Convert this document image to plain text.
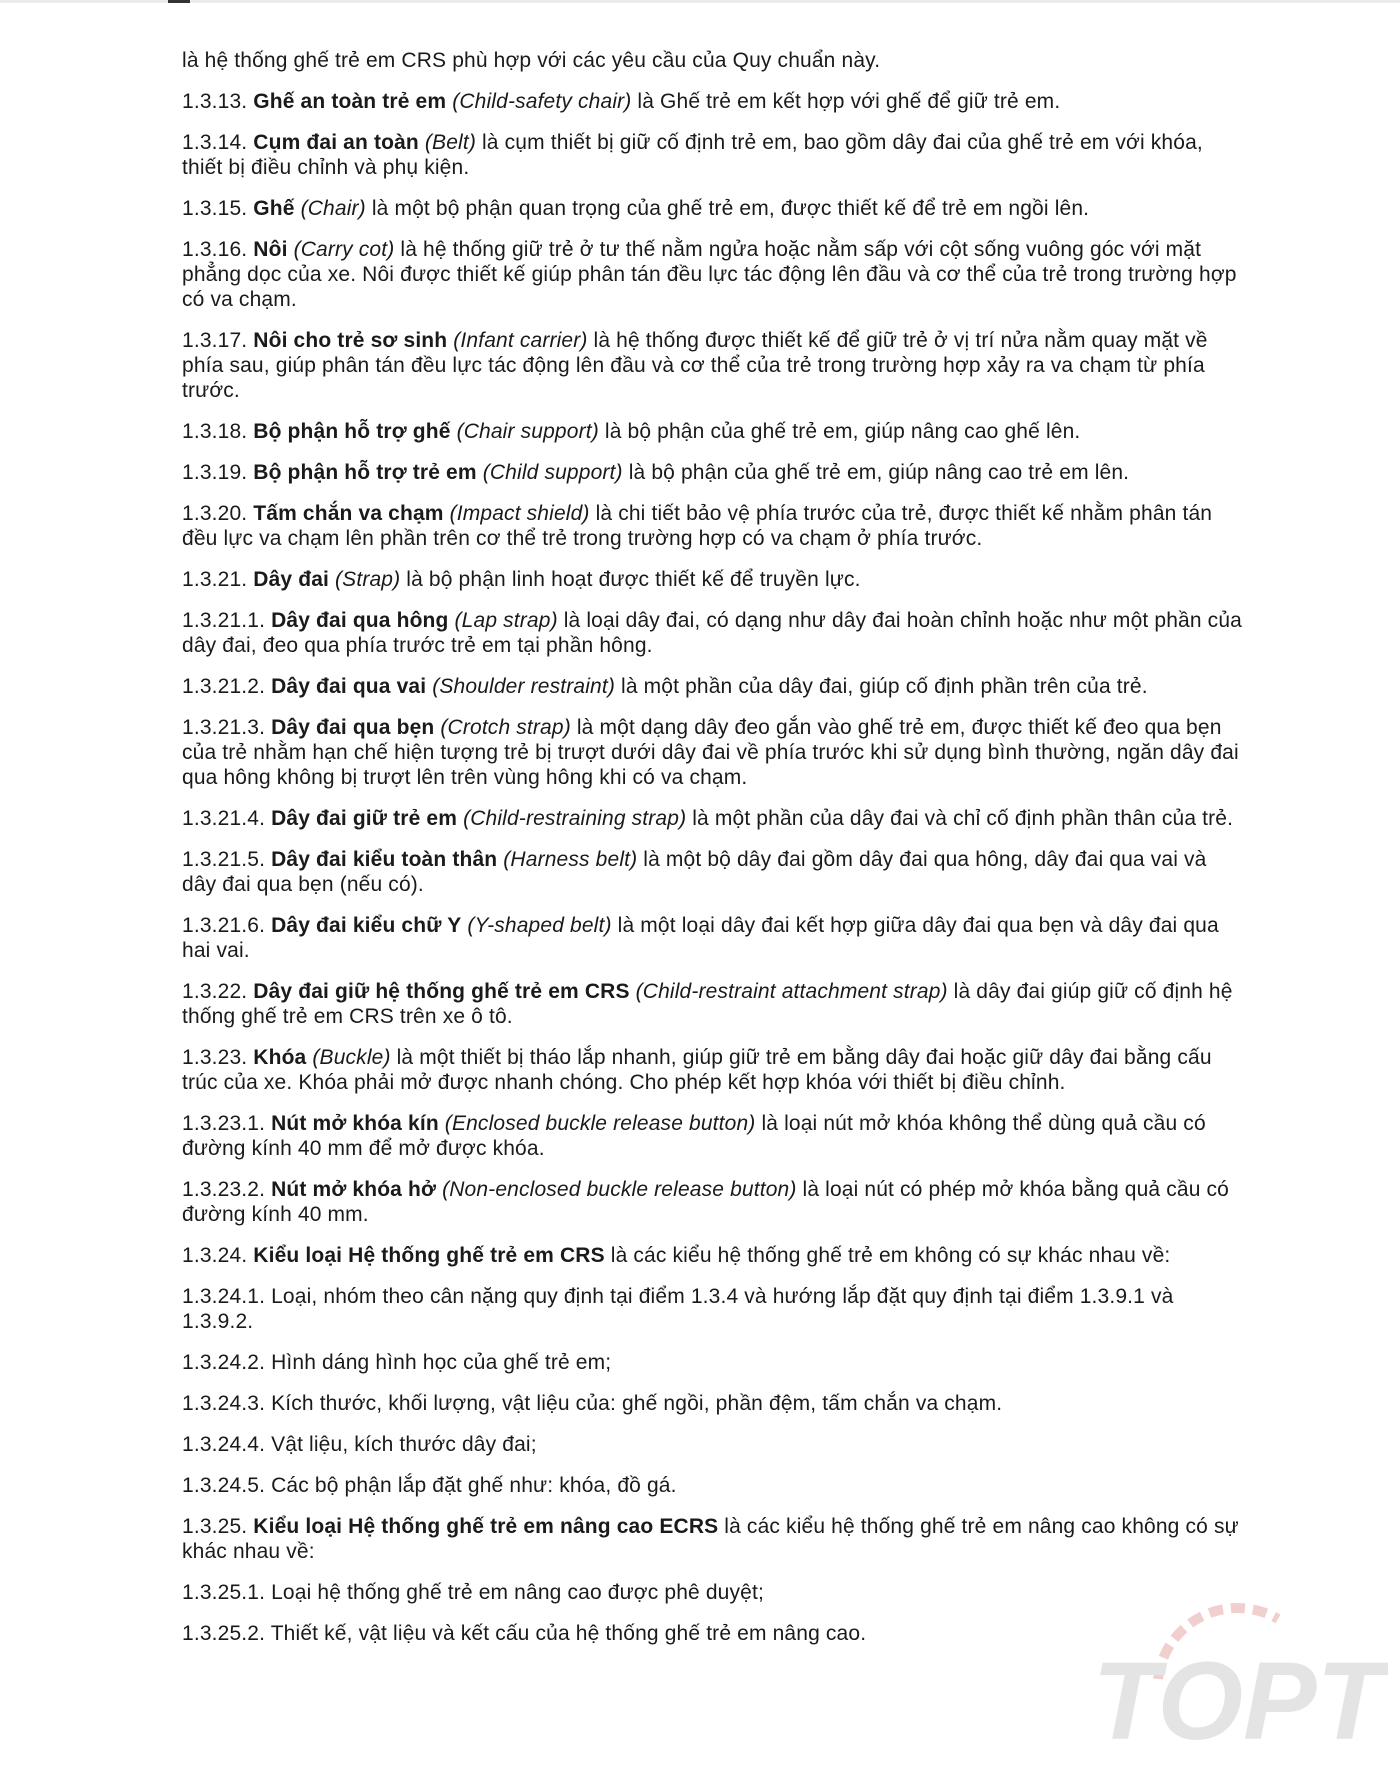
là hệ thống ghế trẻ em CRS phù hợp với các yêu cầu của Quy chuẩn này.

1.3.13. Ghế an toàn trẻ em (Child-safety chair) là Ghế trẻ em kết hợp với ghế để giữ trẻ em.

1.3.14. Cụm đai an toàn (Belt) là cụm thiết bị giữ cố định trẻ em, bao gồm dây đai của ghế trẻ em với khóa, thiết bị điều chỉnh và phụ kiện.

1.3.15. Ghế (Chair) là một bộ phận quan trọng của ghế trẻ em, được thiết kế để trẻ em ngồi lên.

1.3.16. Nôi (Carry cot) là hệ thống giữ trẻ ở tư thế nằm ngửa hoặc nằm sấp với cột sống vuông góc với mặt phẳng dọc của xe. Nôi được thiết kế giúp phân tán đều lực tác động lên đầu và cơ thể của trẻ trong trường hợp có va chạm.

1.3.17. Nôi cho trẻ sơ sinh (Infant carrier) là hệ thống được thiết kế để giữ trẻ ở vị trí nửa nằm quay mặt về phía sau, giúp phân tán đều lực tác động lên đầu và cơ thể của trẻ trong trường hợp xảy ra va chạm từ phía trước.

1.3.18. Bộ phận hỗ trợ ghế (Chair support) là bộ phận của ghế trẻ em, giúp nâng cao ghế lên.

1.3.19. Bộ phận hỗ trợ trẻ em (Child support) là bộ phận của ghế trẻ em, giúp nâng cao trẻ em lên.

1.3.20. Tấm chắn va chạm (Impact shield) là chi tiết bảo vệ phía trước của trẻ, được thiết kế nhằm phân tán đều lực va chạm lên phần trên cơ thể trẻ trong trường hợp có va chạm ở phía trước.

1.3.21. Dây đai (Strap) là bộ phận linh hoạt được thiết kế để truyền lực.

1.3.21.1. Dây đai qua hông (Lap strap) là loại dây đai, có dạng như dây đai hoàn chỉnh hoặc như một phần của dây đai, đeo qua phía trước trẻ em tại phần hông.

1.3.21.2. Dây đai qua vai (Shoulder restraint) là một phần của dây đai, giúp cố định phần trên của trẻ.

1.3.21.3. Dây đai qua bẹn (Crotch strap) là một dạng dây đeo gắn vào ghế trẻ em, được thiết kế đeo qua bẹn của trẻ nhằm hạn chế hiện tượng trẻ bị trượt dưới dây đai về phía trước khi sử dụng bình thường, ngăn dây đai qua hông không bị trượt lên trên vùng hông khi có va chạm.

1.3.21.4. Dây đai giữ trẻ em (Child-restraining strap) là một phần của dây đai và chỉ cố định phần thân của trẻ.

1.3.21.5. Dây đai kiểu toàn thân (Harness belt) là một bộ dây đai gồm dây đai qua hông, dây đai qua vai và dây đai qua bẹn (nếu có).

1.3.21.6. Dây đai kiểu chữ Y (Y-shaped belt) là một loại dây đai kết hợp giữa dây đai qua bẹn và dây đai qua hai vai.

1.3.22. Dây đai giữ hệ thống ghế trẻ em CRS (Child-restraint attachment strap) là dây đai giúp giữ cố định hệ thống ghế trẻ em CRS trên xe ô tô.

1.3.23. Khóa (Buckle) là một thiết bị tháo lắp nhanh, giúp giữ trẻ em bằng dây đai hoặc giữ dây đai bằng cấu trúc của xe. Khóa phải mở được nhanh chóng. Cho phép kết hợp khóa với thiết bị điều chỉnh.

1.3.23.1. Nút mở khóa kín (Enclosed buckle release button) là loại nút mở khóa không thể dùng quả cầu có đường kính 40 mm để mở được khóa.

1.3.23.2. Nút mở khóa hở (Non-enclosed buckle release button) là loại nút có phép mở khóa bằng quả cầu có đường kính 40 mm.

1.3.24. Kiểu loại Hệ thống ghế trẻ em CRS là các kiểu hệ thống ghế trẻ em không có sự khác nhau về:

1.3.24.1. Loại, nhóm theo cân nặng quy định tại điểm 1.3.4 và hướng lắp đặt quy định tại điểm 1.3.9.1 và 1.3.9.2.

1.3.24.2. Hình dáng hình học của ghế trẻ em;

1.3.24.3. Kích thước, khối lượng, vật liệu của: ghế ngồi, phần đệm, tấm chắn va chạm.

1.3.24.4. Vật liệu, kích thước dây đai;

1.3.24.5. Các bộ phận lắp đặt ghế như: khóa, đồ gá.

1.3.25. Kiểu loại Hệ thống ghế trẻ em nâng cao ECRS là các kiểu hệ thống ghế trẻ em nâng cao không có sự khác nhau về:

1.3.25.1. Loại hệ thống ghế trẻ em nâng cao được phê duyệt;

1.3.25.2. Thiết kế, vật liệu và kết cấu của hệ thống ghế trẻ em nâng cao.

TOPT
